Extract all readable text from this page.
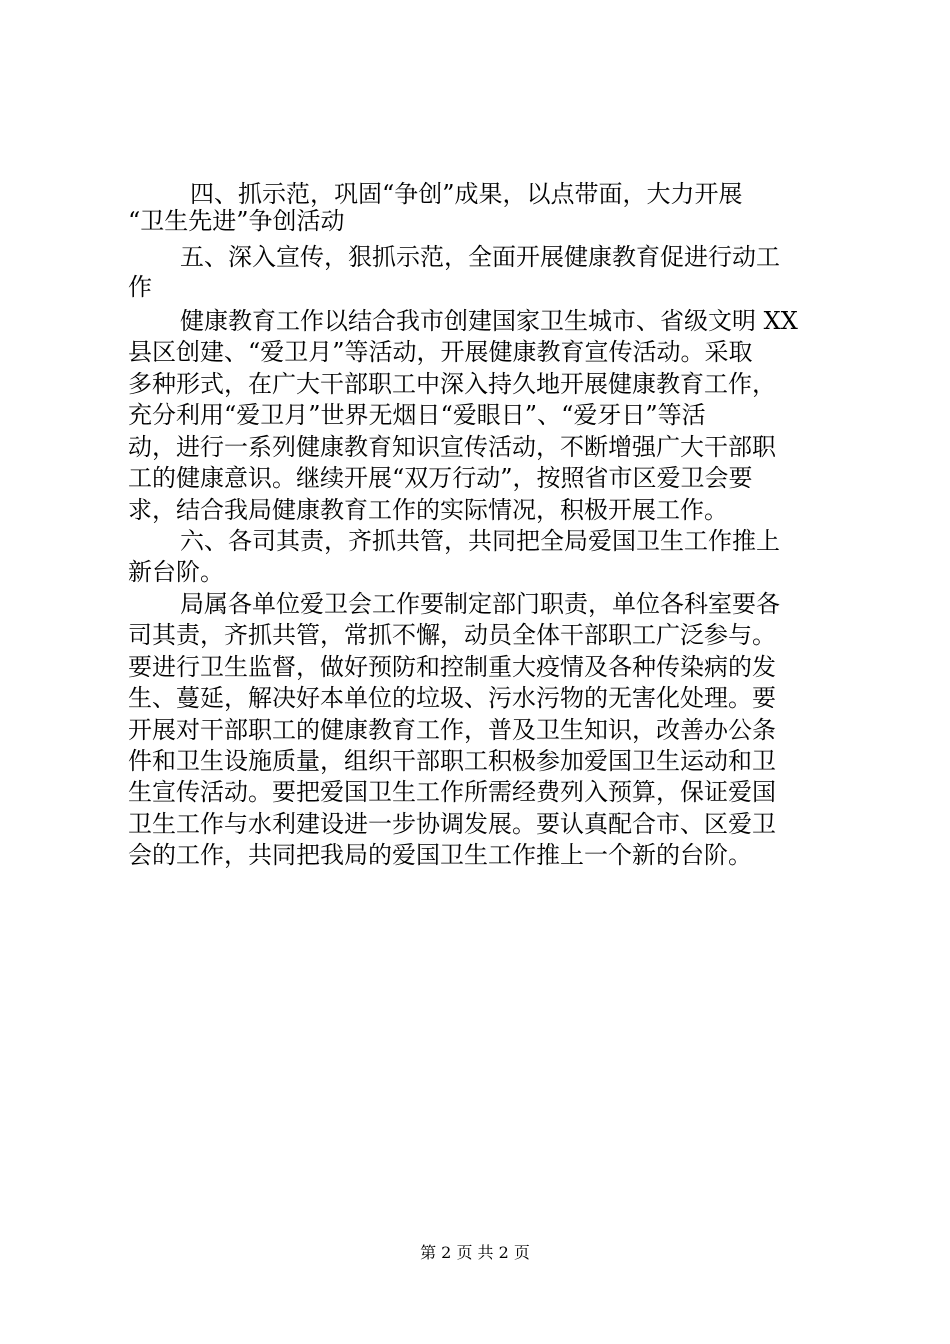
四、抓示范，巩固“争创”成果，以点带面，大力开展
“卫生先进”争创活动
五、深入宣传，狠抓示范，全面开展健康教育促进行动工
作
健康教育工作以结合我市创建国家卫生城市、省级文明 XX
县区创建、“爱卫月”等活动，开展健康教育宣传活动。采取
多种形式，在广大干部职工中深入持久地开展健康教育工作，
充分利用“爱卫月”世界无烟日“爱眼日”、“爱牙日”等活
动，进行一系列健康教育知识宣传活动，不断增强广大干部职
工的健康意识。继续开展“双万行动”，按照省市区爱卫会要
求，结合我局健康教育工作的实际情况，积极开展工作。
六、各司其责，齐抓共管，共同把全局爱国卫生工作推上
新台阶。
局属各单位爱卫会工作要制定部门职责，单位各科室要各
司其责，齐抓共管，常抓不懈，动员全体干部职工广泛参与。
要进行卫生监督，做好预防和控制重大疫情及各种传染病的发
生、蔓延，解决好本单位的垃圾、污水污物的无害化处理。要
开展对干部职工的健康教育工作，普及卫生知识，改善办公条
件和卫生设施质量，组织干部职工积极参加爱国卫生运动和卫
生宣传活动。要把爱国卫生工作所需经费列入预算，保证爱国
卫生工作与水利建设进一步协调发展。要认真配合市、区爱卫
会的工作，共同把我局的爱国卫生工作推上一个新的台阶。
第 2 页 共 2 页
